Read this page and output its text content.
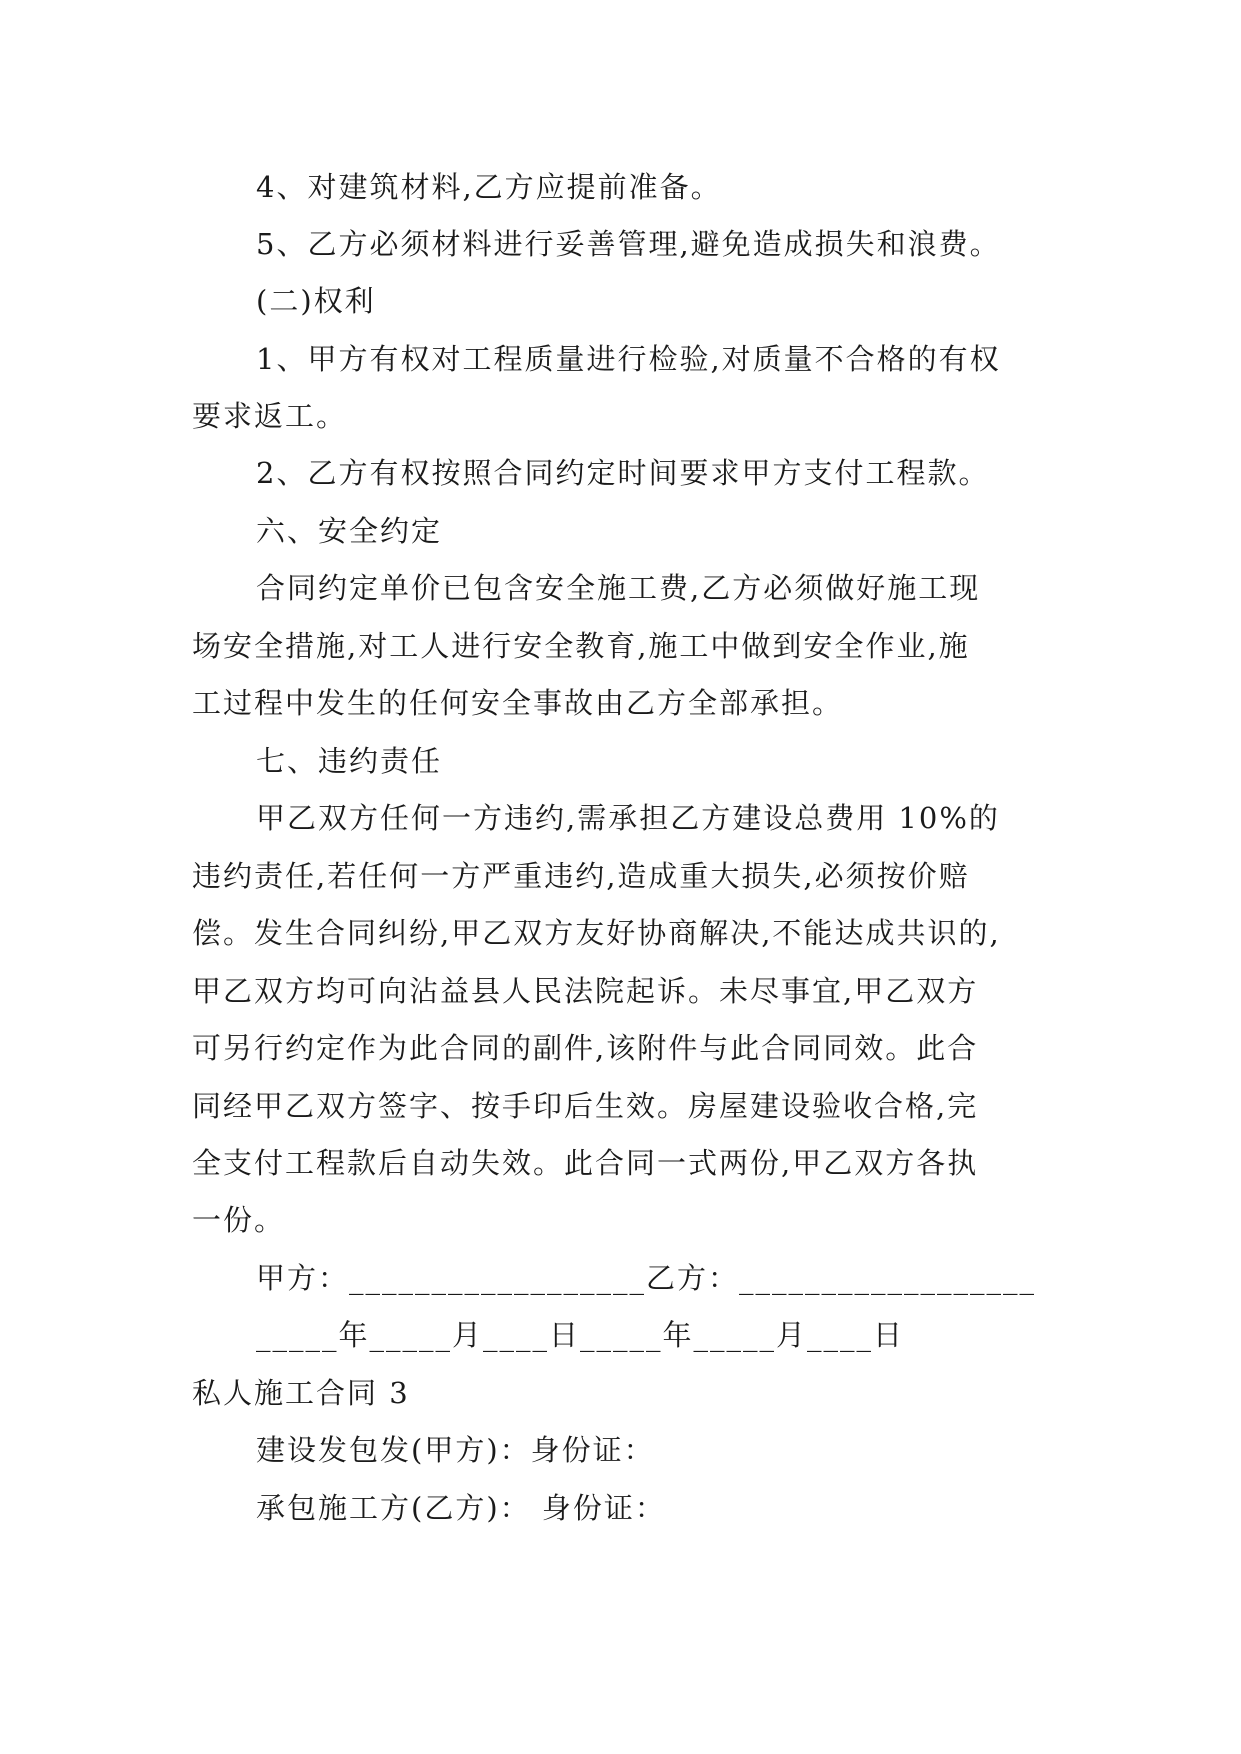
4、对建筑材料,乙方应提前准备。
5、乙方必须材料进行妥善管理,避免造成损失和浪费。
(二)权利
1、甲方有权对工程质量进行检验,对质量不合格的有权
要求返工。
2、乙方有权按照合同约定时间要求甲方支付工程款。
六、安全约定
合同约定单价已包含安全施工费,乙方必须做好施工现
场安全措施,对工人进行安全教育,施工中做到安全作业,施
工过程中发生的任何安全事故由乙方全部承担。
七、违约责任
甲乙双方任何一方违约,需承担乙方建设总费用 10%的
违约责任,若任何一方严重违约,造成重大损失,必须按价赔
偿。发生合同纠纷,甲乙双方友好协商解决,不能达成共识的,
甲乙双方均可向沾益县人民法院起诉。未尽事宜,甲乙双方
可另行约定作为此合同的副件,该附件与此合同同效。此合
同经甲乙双方签字、按手印后生效。房屋建设验收合格,完
全支付工程款后自动失效。此合同一式两份,甲乙双方各执
一份。
甲方：__________________乙方：__________________
_____年_____月____日_____年_____月____日
私人施工合同 3
建设发包发(甲方)：身份证：
承包施工方(乙方)： 身份证：
